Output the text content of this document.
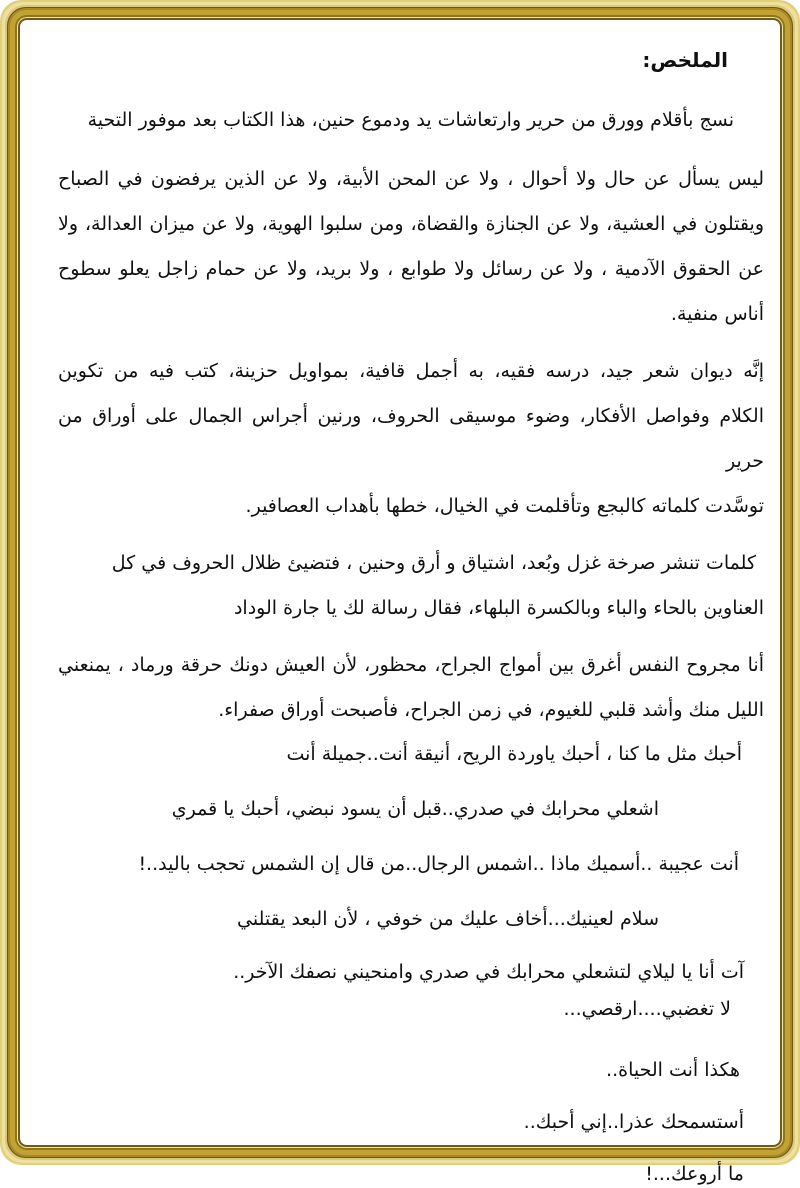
الملخص:
نسج بأقلام وورق من حرير وارتعاشات يد ودموع حنين، هذا الكتاب بعد موفور التحية
ليس يسأل عن حال ولا أحوال ، ولا عن المحن الأبية، ولا عن الذين يرفضون في الصباح
ويقتلون في العشية، ولا عن الجنازة والقضاة، ومن سلبوا الهوية، ولا عن ميزان العدالة، ولا
عن الحقوق الآدمية ، ولا عن رسائل ولا طوابع ، ولا بريد، ولا عن حمام زاجل يعلو سطوح
أناس منفية.
إنَّه ديوان شعر جيد، درسه فقيه، به أجمل قافية، بمواويل حزينة، كتب فيه من تكوين
الكلام وفواصل الأفكار، وضوء موسيقى الحروف، ورنين أجراس الجمال على أوراق من حرير
توسَّدت كلماته كالبجع وتأقلمت في الخيال، خطها بأهداب العصافير.
كلمات تنشر صرخة غزل وبُعد، اشتياق و أرق وحنين ، فتضيئ ظلال الحروف في كل
العناوين بالحاء والباء وبالكسرة البلهاء، فقال رسالة لك يا جارة الوداد
أنا مجروح النفس أغرق بين أمواج الجراح، محظور، لأن العيش دونك حرقة ورماد ، يمنعني
الليل منك وأشد قلبي للغيوم، في زمن الجراح، فأصبحت أوراق صفراء.
أحبك مثل ما كنا ، أحبك ياوردة الريح، أنيقة أنت..جميلة أنت
اشعلي محرابك في صدري..قبل أن يسود نبضي، أحبك يا قمري
أنت عجيبة ..أسميك ماذا ..اشمس الرجال..من قال إن الشمس تحجب باليد..!
سلام لعينيك...أخاف عليك من خوفي ، لأن البعد يقتلني
آت أنا يا ليلاي لتشعلي محرابك في صدري وامنحيني نصفك الآخر..
لا تغضبي....ارقصي...
هكذا أنت الحياة..
أستسمحك عذرا..إني أحبك..
ما أروعك...!
